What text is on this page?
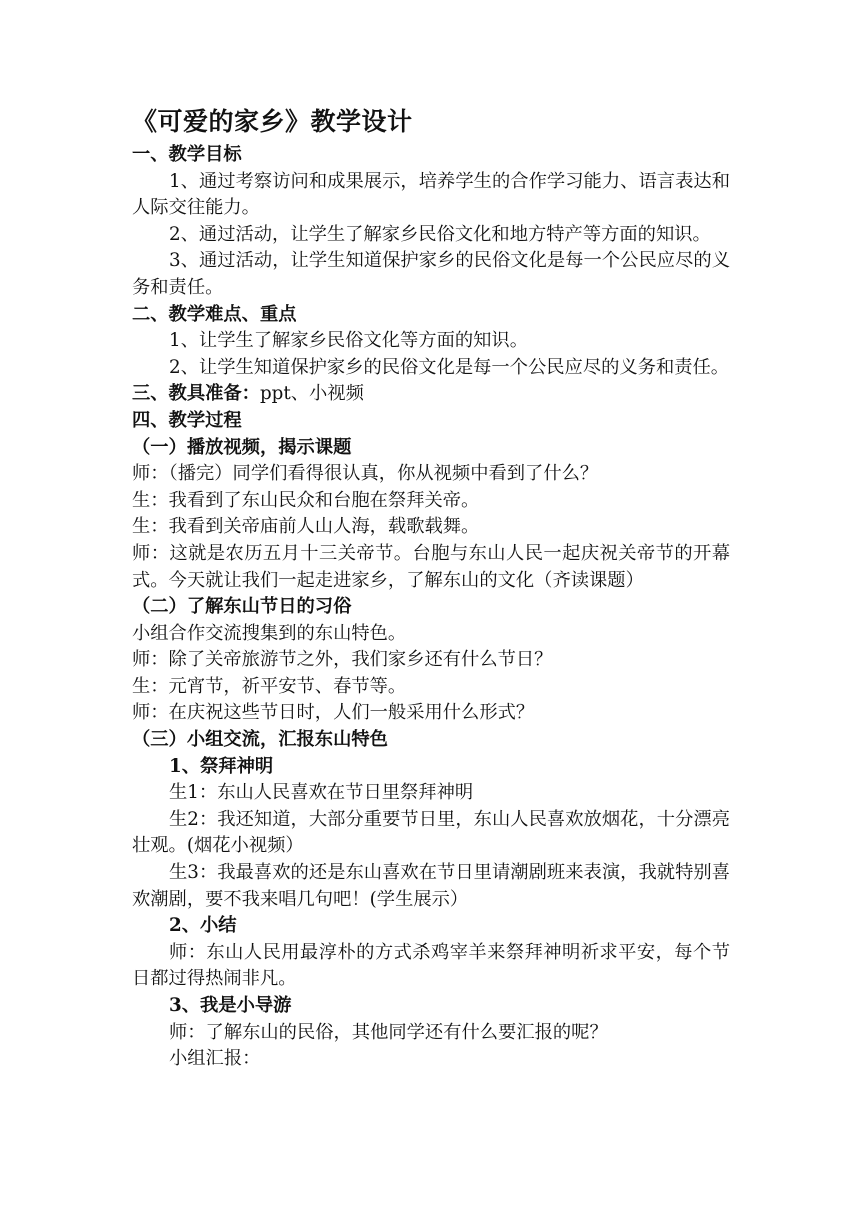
《可爱的家乡》教学设计

一、教学目标

1、通过考察访问和成果展示，培养学生的合作学习能力、语言表达和人际交往能力。

2、通过活动，让学生了解家乡民俗文化和地方特产等方面的知识。

3、通过活动，让学生知道保护家乡的民俗文化是每一个公民应尽的义务和责任。

二、教学难点、重点

1、让学生了解家乡民俗文化等方面的知识。

2、让学生知道保护家乡的民俗文化是每一个公民应尽的义务和责任。

三、教具准备：ppt、小视频

四、教学过程

（一）播放视频，揭示课题

师：（播完）同学们看得很认真，你从视频中看到了什么？

生：我看到了东山民众和台胞在祭拜关帝。

生：我看到关帝庙前人山人海，载歌载舞。

师：这就是农历五月十三关帝节。台胞与东山人民一起庆祝关帝节的开幕式。今天就让我们一起走进家乡，了解东山的文化（齐读课题）

（二）了解东山节日的习俗

小组合作交流搜集到的东山特色。

师：除了关帝旅游节之外，我们家乡还有什么节日？

生：元宵节，祈平安节、春节等。

师：在庆祝这些节日时，人们一般采用什么形式？

（三）小组交流，汇报东山特色

1、祭拜神明

生1：东山人民喜欢在节日里祭拜神明

生2：我还知道，大部分重要节日里，东山人民喜欢放烟花，十分漂亮壮观。(烟花小视频）

生3：我最喜欢的还是东山喜欢在节日里请潮剧班来表演，我就特别喜欢潮剧，要不我来唱几句吧！(学生展示）

2、小结

师：东山人民用最淳朴的方式杀鸡宰羊来祭拜神明祈求平安，每个节日都过得热闹非凡。

3、我是小导游

师：了解东山的民俗，其他同学还有什么要汇报的呢？

小组汇报：
